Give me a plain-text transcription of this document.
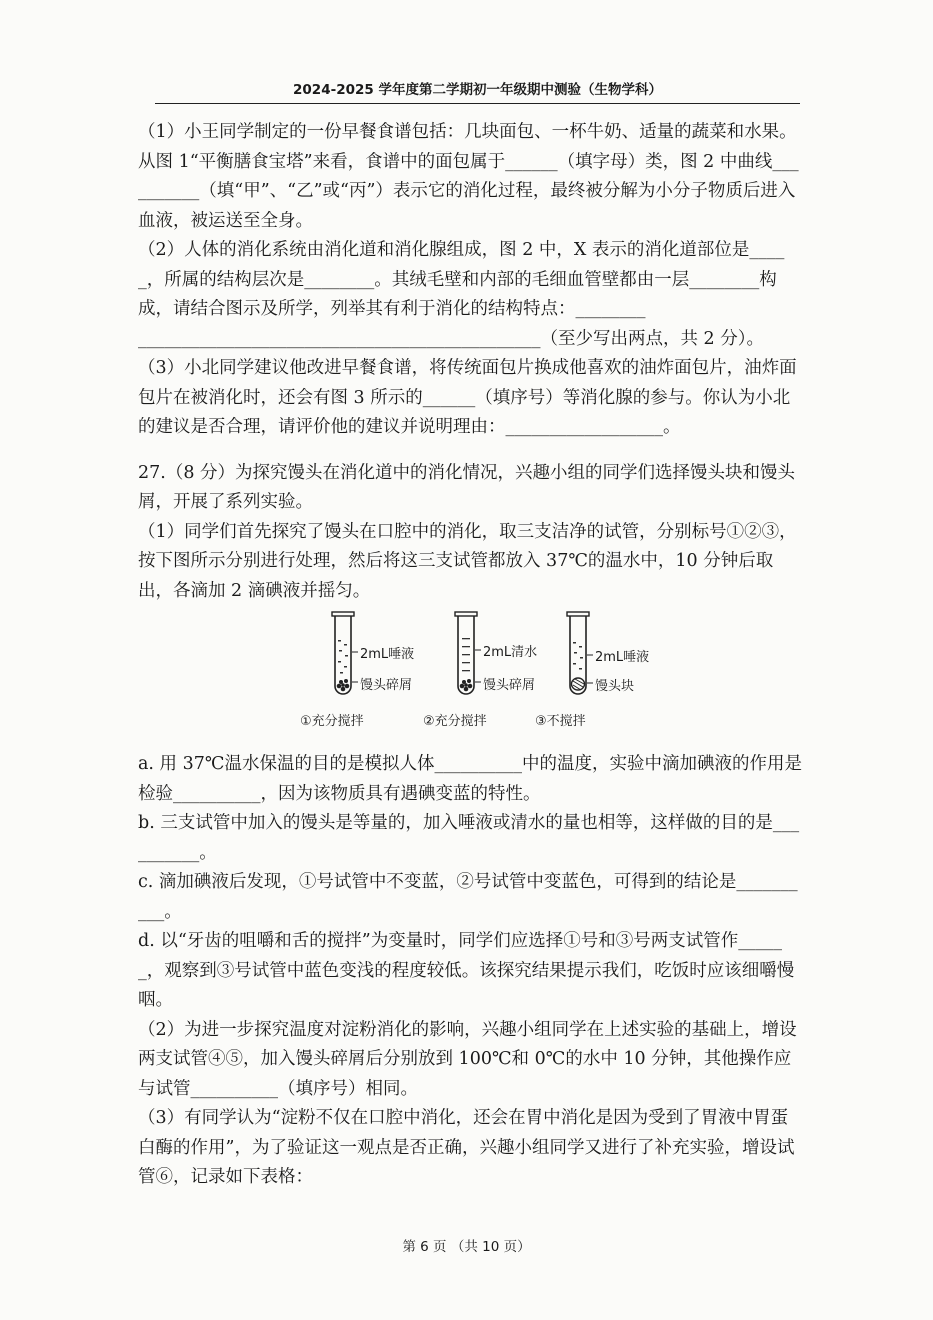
2024-2025 学年度第二学期初一年级期中测验（生物学科）

（1）小王同学制定的一份早餐食谱包括：几块面包、一杯牛奶、适量的蔬菜和水果。从图 1“平衡膳食宝塔”来看，食谱中的面包属于______（填字母）类，图 2 中曲线__________（填“甲”、“乙”或“丙”）表示它的消化过程，最终被分解为小分子物质后进入血液，被运送至全身。

（2）人体的消化系统由消化道和消化腺组成，图 2 中，X 表示的消化道部位是_____，所属的结构层次是________。其绒毛壁和内部的毛细血管壁都由一层________构成，请结合图示及所学，列举其有利于消化的结构特点：________

______________________________________________（至少写出两点，共 2 分）。

（3）小北同学建议他改进早餐食谱，将传统面包片换成他喜欢的油炸面包片，油炸面包片在被消化时，还会有图 3 所示的______（填序号）等消化腺的参与。你认为小北的建议是否合理，请评价他的建议并说明理由：__________________。

27.（8 分）为探究馒头在消化道中的消化情况，兴趣小组的同学们选择馒头块和馒头屑，开展了系列实验。

（1）同学们首先探究了馒头在口腔中的消化，取三支洁净的试管，分别标号①②③，按下图所示分别进行处理，然后将这三支试管都放入 37℃的温水中，10 分钟后取出，各滴加 2 滴碘液并摇匀。

2mL唾液
馒头碎屑
①充分搅拌
2mL清水
馒头碎屑
②充分搅拌
2mL唾液
馒头块
③不搅拌

a. 用 37℃温水保温的目的是模拟人体__________中的温度，实验中滴加碘液的作用是检验__________，因为该物质具有遇碘变蓝的特性。

b. 三支试管中加入的馒头是等量的，加入唾液或清水的量也相等，这样做的目的是__________。

c. 滴加碘液后发现，①号试管中不变蓝，②号试管中变蓝色，可得到的结论是__________。

d. 以“牙齿的咀嚼和舌的搅拌”为变量时，同学们应选择①号和③号两支试管作______，观察到③号试管中蓝色变浅的程度较低。该探究结果提示我们，吃饭时应该细嚼慢咽。

（2）为进一步探究温度对淀粉消化的影响，兴趣小组同学在上述实验的基础上，增设两支试管④⑤，加入馒头碎屑后分别放到 100℃和 0℃的水中 10 分钟，其他操作应与试管__________（填序号）相同。

（3）有同学认为“淀粉不仅在口腔中消化，还会在胃中消化是因为受到了胃液中胃蛋白酶的作用”，为了验证这一观点是否正确，兴趣小组同学又进行了补充实验，增设试管⑥，记录如下表格：

第 6 页 （共 10 页）
